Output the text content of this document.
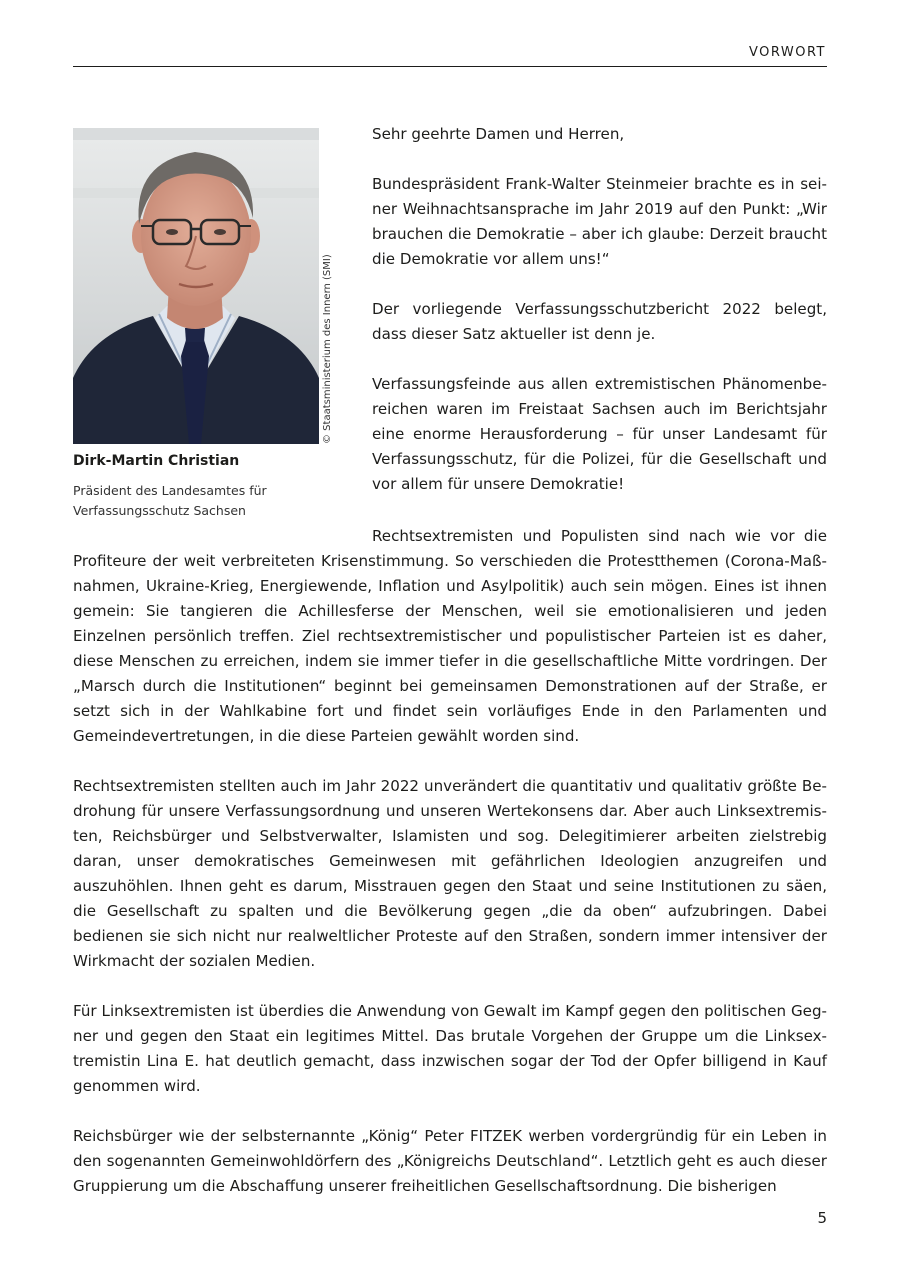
VORWORT
© Staatsministerium des Innern (SMI)
Dirk-Martin Christian
Präsident des Landesamtes für
Verfassungsschutz Sachsen

Sehr geehrte Damen und Herren,

Bundespräsident Frank-Walter Steinmeier brachte es in seiner Weihnachtsansprache im Jahr 2019 auf den Punkt: „Wir brauchen die Demokratie – aber ich glaube: Derzeit braucht die Demokratie vor allem uns!“

Der vorliegende Verfassungsschutzbericht 2022 belegt, dass dieser Satz aktueller ist denn je.

Verfassungsfeinde aus allen extremistischen Phänomenbereichen waren im Freistaat Sachsen auch im Berichtsjahr eine enorme Herausforderung – für unser Landesamt für Verfassungsschutz, für die Polizei, für die Gesellschaft und vor allem für unsere Demokratie!

Rechtsextremisten und Populisten sind nach wie vor die Profiteure der weit verbreiteten Krisenstimmung. So verschieden die Protestthemen (Corona-Maßnahmen, Ukraine-Krieg, Energiewende, Inflation und Asylpolitik) auch sein mögen. Eines ist ihnen gemein: Sie tangieren die Achillesferse der Menschen, weil sie emotionalisieren und jeden Einzelnen persönlich treffen. Ziel rechtsextremistischer und populistischer Parteien ist es daher, diese Menschen zu erreichen, indem sie immer tiefer in die gesellschaftliche Mitte vordringen. Der „Marsch durch die Institutionen“ beginnt bei gemeinsamen Demonstrationen auf der Straße, er setzt sich in der Wahlkabine fort und findet sein vorläufiges Ende in den Parlamenten und Gemeindevertretungen, in die diese Parteien gewählt worden sind.

Rechtsextremisten stellten auch im Jahr 2022 unverändert die quantitativ und qualitativ größte Bedrohung für unsere Verfassungsordnung und unseren Wertekonsens dar. Aber auch Linksextremisten, Reichsbürger und Selbstverwalter, Islamisten und sog. Delegitimierer arbeiten zielstrebig daran, unser demokratisches Gemeinwesen mit gefährlichen Ideologien anzugreifen und auszuhöhlen. Ihnen geht es darum, Misstrauen gegen den Staat und seine Institutionen zu säen, die Gesellschaft zu spalten und die Bevölkerung gegen „die da oben“ aufzubringen. Dabei bedienen sie sich nicht nur realweltlicher Proteste auf den Straßen, sondern immer intensiver der Wirkmacht der sozialen Medien.

Für Linksextremisten ist überdies die Anwendung von Gewalt im Kampf gegen den politischen Gegner und gegen den Staat ein legitimes Mittel. Das brutale Vorgehen der Gruppe um die Linksextremistin Lina E. hat deutlich gemacht, dass inzwischen sogar der Tod der Opfer billigend in Kauf genommen wird.

Reichsbürger wie der selbsternannte „König“ Peter FITZEK werben vordergründig für ein Leben in den sogenannten Gemeinwohldörfern des „Königreichs Deutschland“. Letztlich geht es auch dieser Gruppierung um die Abschaffung unserer freiheitlichen Gesellschaftsordnung. Die bisherigen

5
